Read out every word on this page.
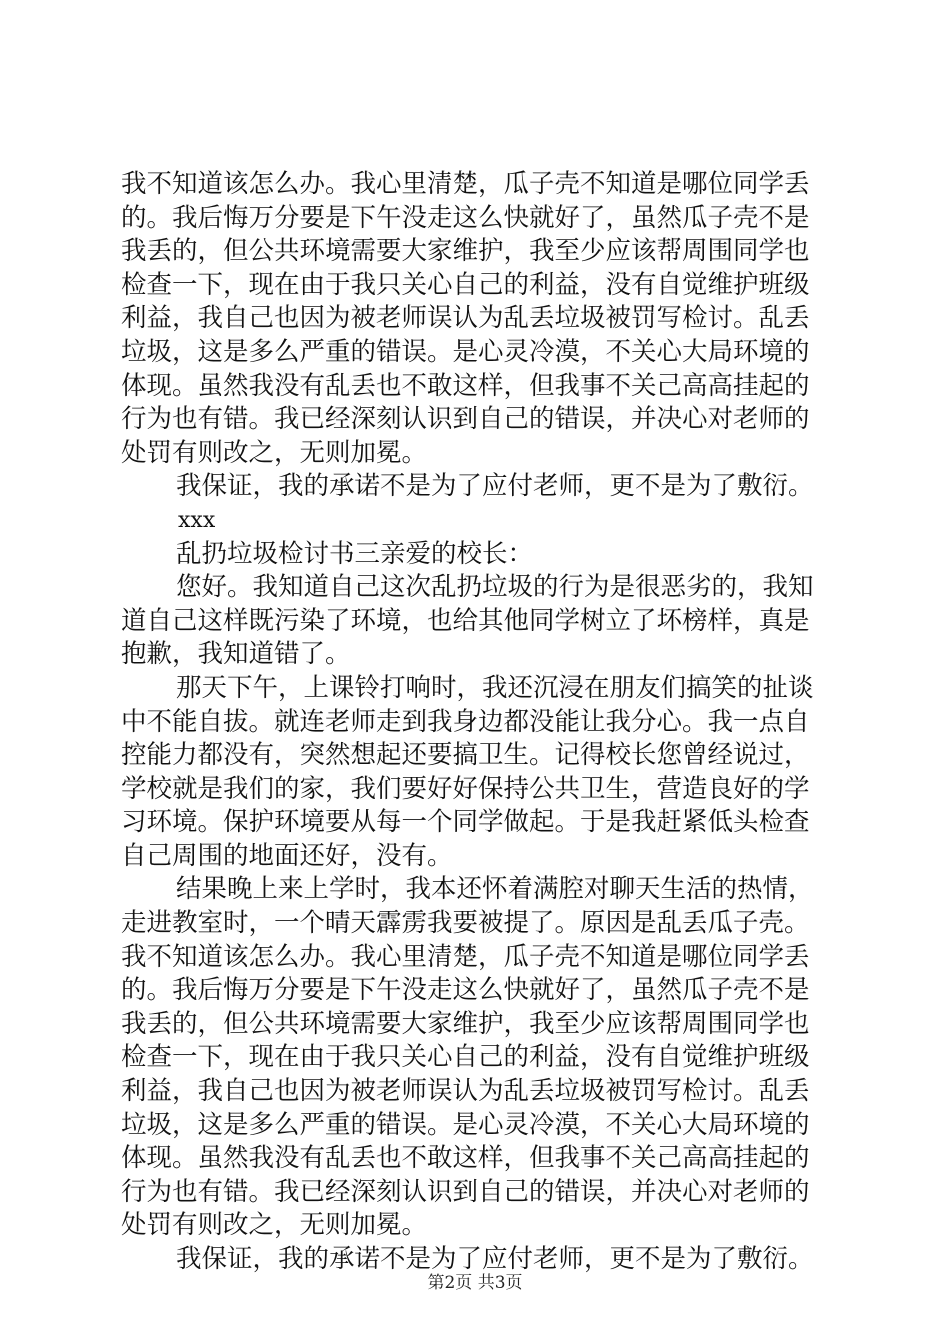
我不知道该怎么办。我心里清楚，瓜子壳不知道是哪位同学丢
的。我后悔万分要是下午没走这么快就好了，虽然瓜子壳不是
我丢的，但公共环境需要大家维护，我至少应该帮周围同学也
检查一下，现在由于我只关心自己的利益，没有自觉维护班级
利益，我自己也因为被老师误认为乱丢垃圾被罚写检讨。乱丢
垃圾，这是多么严重的错误。是心灵冷漠，不关心大局环境的
体现。虽然我没有乱丢也不敢这样，但我事不关己高高挂起的
行为也有错。我已经深刻认识到自己的错误，并决心对老师的
处罚有则改之，无则加冕。
我保证，我的承诺不是为了应付老师，更不是为了敷衍。
xxx
乱扔垃圾检讨书三亲爱的校长：
您好。我知道自己这次乱扔垃圾的行为是很恶劣的，我知
道自己这样既污染了环境，也给其他同学树立了坏榜样，真是
抱歉，我知道错了。
那天下午，上课铃打响时，我还沉浸在朋友们搞笑的扯谈
中不能自拔。就连老师走到我身边都没能让我分心。我一点自
控能力都没有，突然想起还要搞卫生。记得校长您曾经说过，
学校就是我们的家，我们要好好保持公共卫生，营造良好的学
习环境。保护环境要从每一个同学做起。于是我赶紧低头检查
自己周围的地面还好，没有。
结果晚上来上学时，我本还怀着满腔对聊天生活的热情，
走进教室时，一个晴天霹雳我要被提了。原因是乱丢瓜子壳。
我不知道该怎么办。我心里清楚，瓜子壳不知道是哪位同学丢
的。我后悔万分要是下午没走这么快就好了，虽然瓜子壳不是
我丢的，但公共环境需要大家维护，我至少应该帮周围同学也
检查一下，现在由于我只关心自己的利益，没有自觉维护班级
利益，我自己也因为被老师误认为乱丢垃圾被罚写检讨。乱丢
垃圾，这是多么严重的错误。是心灵冷漠，不关心大局环境的
体现。虽然我没有乱丢也不敢这样，但我事不关己高高挂起的
行为也有错。我已经深刻认识到自己的错误，并决心对老师的
处罚有则改之，无则加冕。
我保证，我的承诺不是为了应付老师，更不是为了敷衍。
第2页 共3页
